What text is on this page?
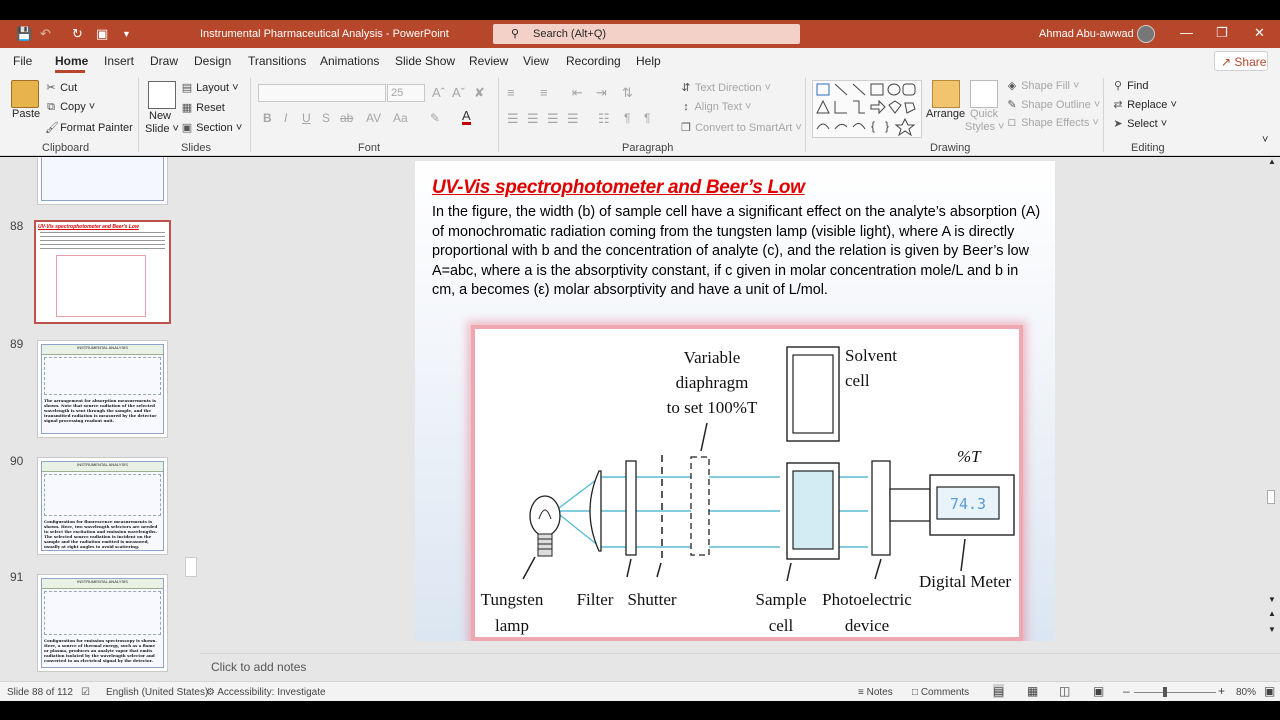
💾 ↶ ↻ ▣ ▼	Instrumental Pharmaceutical Analysis - PowerPoint	⚲ Search (Alt+Q)	Ahmad Abu-awwad	— ❐ ✕
File Home Insert Draw Design Transitions Animations Slide Show Review View Recording Help	↗ Share
Paste
✂ Cut
⧉ Copy ˅
🖌 Format Painter
Clipboard
New
Slide ˅
▤ Layout ˅
▦ Reset
▣ Section ˅
Slides
25 Aˆ Aˇ ✘
B I U S ab AV Aa ✎ A
Font
≡ ≡ ⇤ ⇥ ⇅
☰ ☰ ☰ ☰ ☷ ¶ ¶
⇵ Text Direction ˅
↕ Align Text ˅
❐ Convert to SmartArt ˅
Paragraph
{ }
Arrange Quick
Styles ˅
◈ Shape Fill ˅
✎ Shape Outline ˅
□ Shape Effects ˅
Drawing
⚲ Find
⇄ Replace ˅
➤ Select ˅
Editing
˅
88	UV-Vis spectrophotometer and Beer's Low
89	INSTRUMENTAL ANALYSIS
The arrangement for absorption measurements is shown. Note that source radiation of the selected wavelength is sent through the sample, and the transmitted radiation is measured by the detector signal processing readout unit.
90	INSTRUMENTAL ANALYSIS
Configuration for fluorescence measurements is shown. Here, two wavelength selectors are needed to select the excitation and emission wavelengths. The selected source radiation is incident on the sample and the radiation emitted is measured, usually at right angles to avoid scattering.
91	INSTRUMENTAL ANALYSIS
Configuration for emission spectroscopy is shown. Here, a source of thermal energy, such as a flame or plasma, produces an analyte vapor that emits radiation isolated by the wavelength selector and converted to an electrical signal by the detector.
UV-Vis spectrophotometer and Beer’s Low
In the figure, the width (b) of sample cell have a significant effect on the analyte’s absorption (A) of monochromatic radiation coming from the tungsten lamp (visible light), where A is directly proportional with b and the concentration of analyte (c), and the relation is given by Beer’s low A=abc, where a is the absorptivity constant, if c given in molar concentration mole/L and b in cm, a becomes (ε) molar absorptivity and have a unit of L/mol.
74.3
Variable
diaphragm
to set 100%T
Solvent
cell
%T
Tungsten
lamp
Filter Shutter	Sample
cell
Photoelectric
device
Digital Meter
▲
▼
▲
▼
Click to add notes
Slide 88 of 112 ☑ English (United States)
⚙ Accessibility: Investigate	≡ Notes □ Comments ▤ ▦ ◫ ▣ –	+ 80% ▣
